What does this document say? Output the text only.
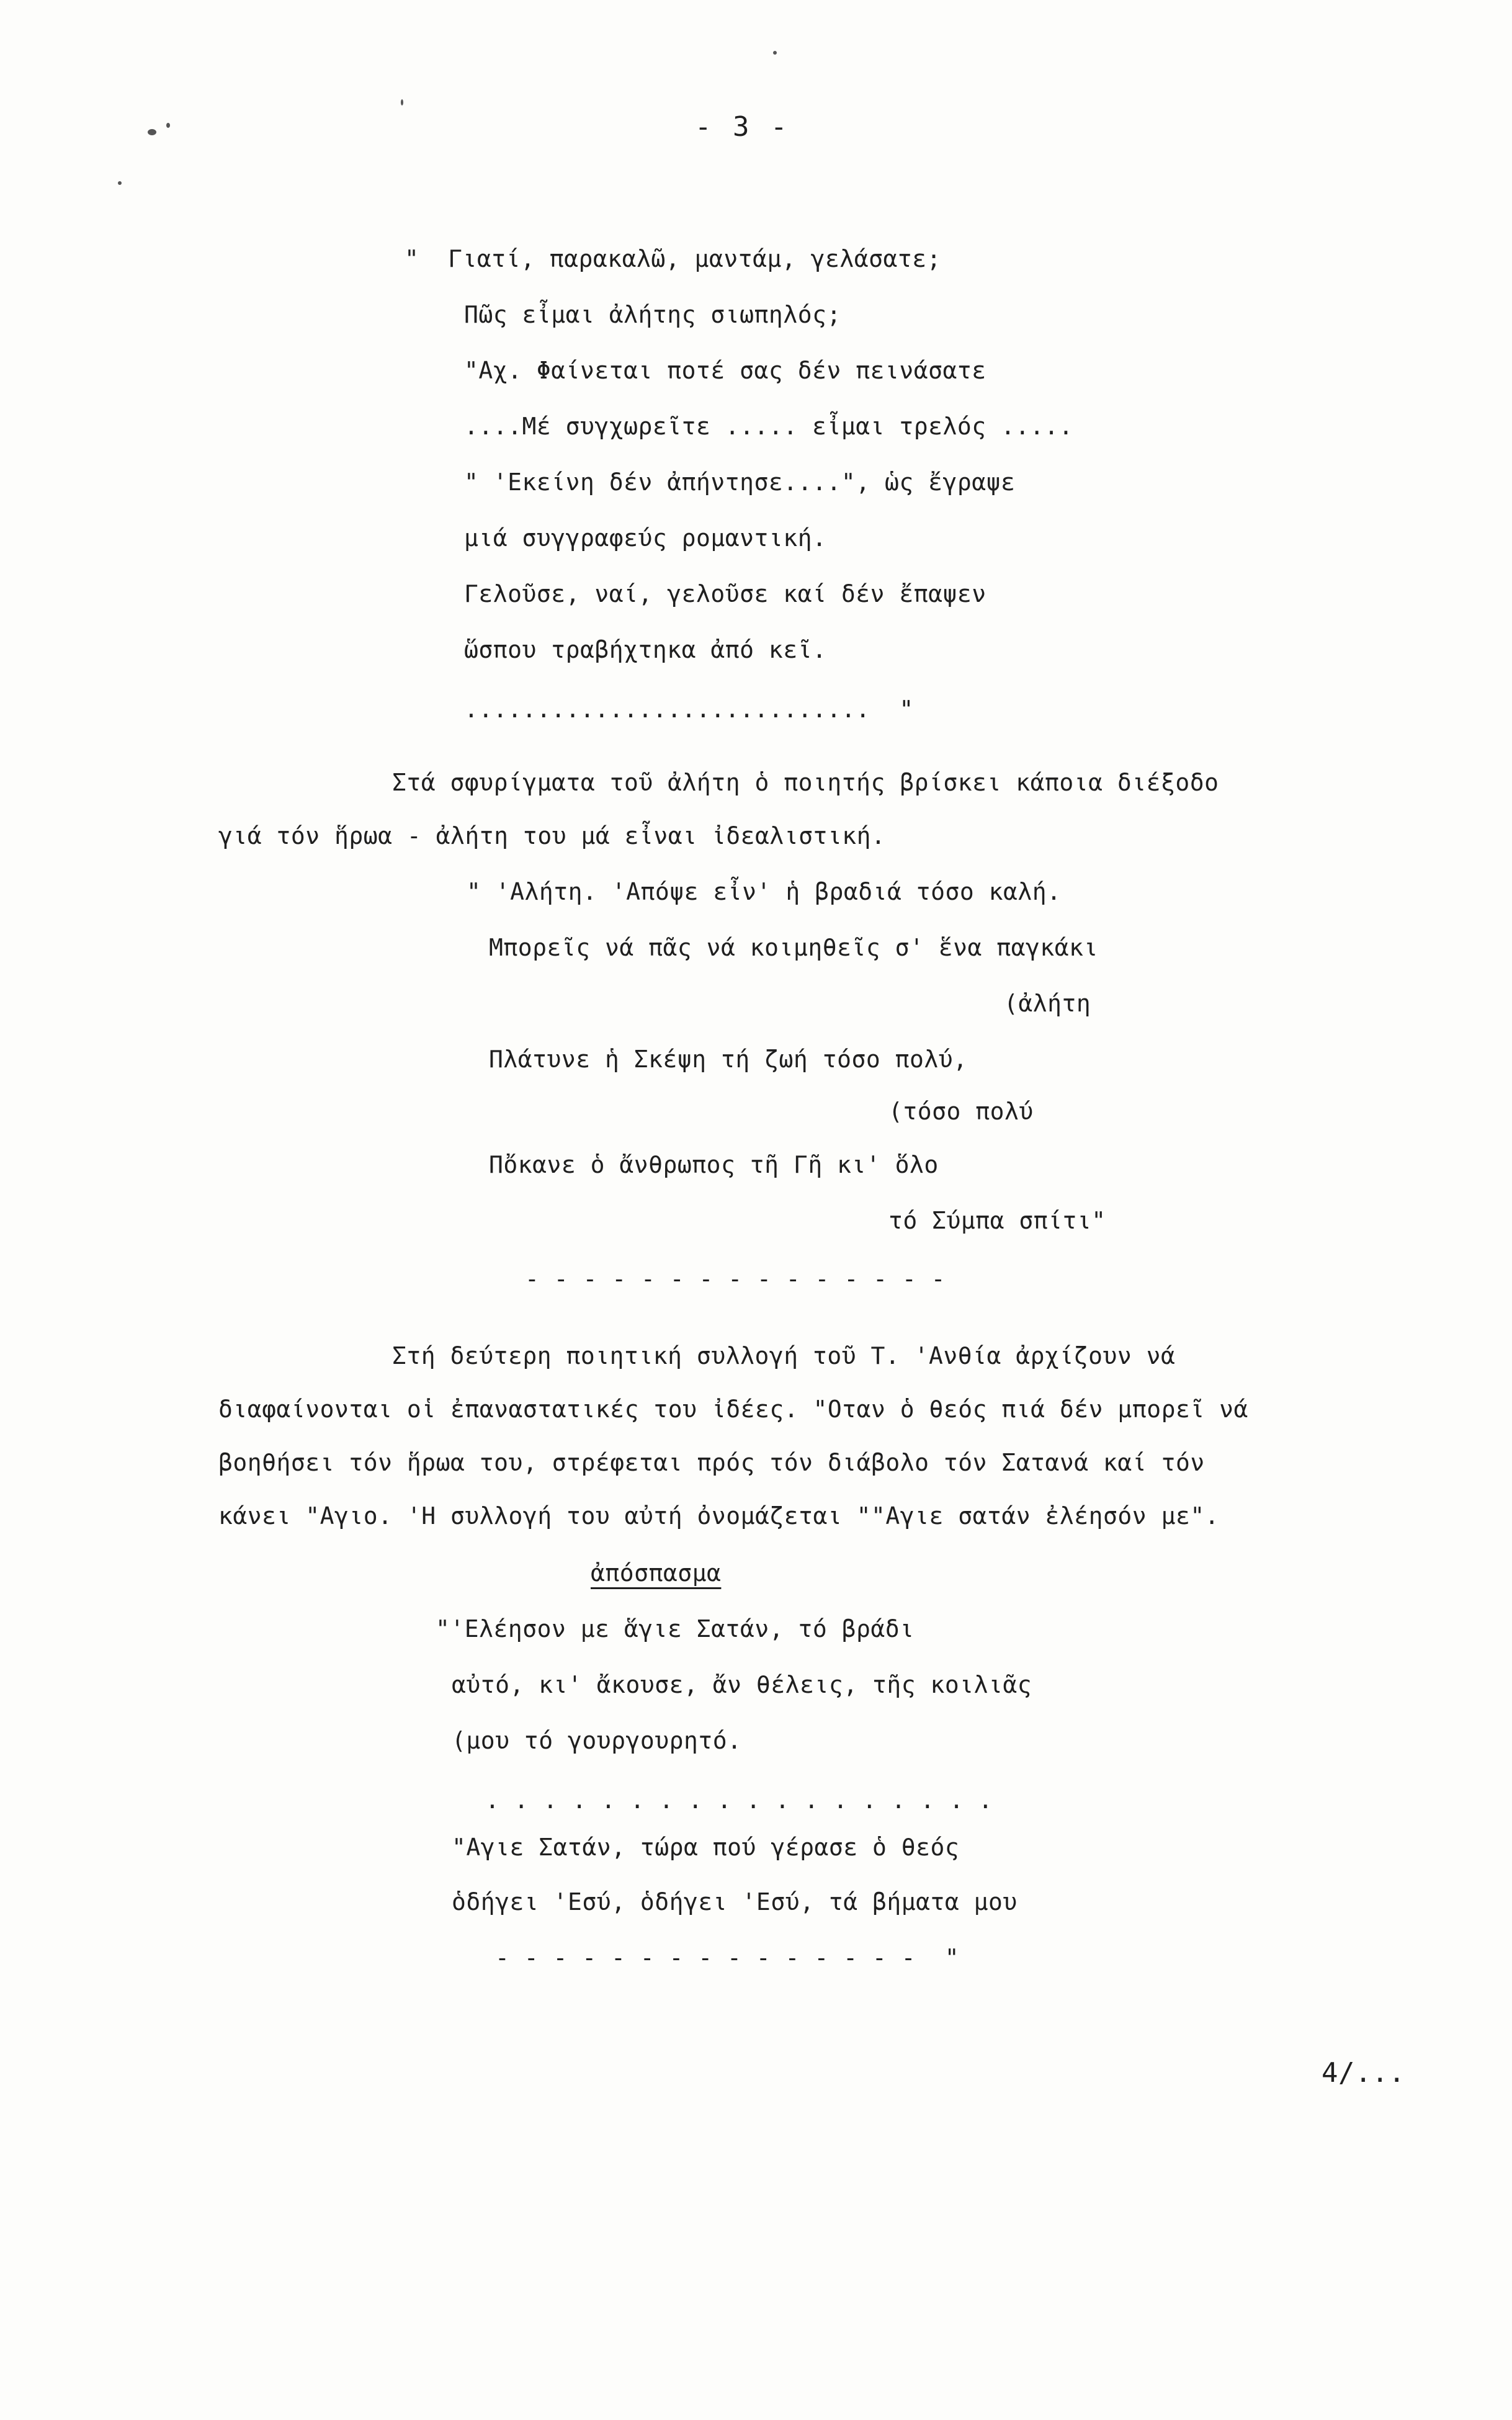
- 3 -
"  Γιατί, παρακαλῶ, μαντάμ, γελάσατε;
Πῶς εἶμαι ἀλήτης σιωπηλός;
"Αχ. Φαίνεται ποτέ σας δέν πεινάσατε
....Μέ συγχωρεῖτε ..... εἶμαι τρελός .....
" 'Εκείνη δέν ἀπήντησε....", ὡς ἔγραψε
μιά συγγραφεύς ρομαντική.
Γελοῦσε, ναί, γελοῦσε καί δέν ἔπαψεν
ὥσπου τραβήχτηκα ἀπό κεῖ.
............................  "
Στά σφυρίγματα τοῦ ἀλήτη ὁ ποιητής βρίσκει κάποια διέξοδο
γιά τόν ἥρωα - ἀλήτη του μά εἶναι ἰδεαλιστική.
" 'Αλήτη. 'Απόψε εἶν' ἡ βραδιά τόσο καλή.
Μπορεῖς νά πᾶς νά κοιμηθεῖς σ' ἕνα παγκάκι
(ἀλήτη
Πλάτυνε ἡ Σκέψη τή ζωή τόσο πολύ,
(τόσο πολύ
Πὄκανε ὁ ἄνθρωπος τῆ Γῆ κι' ὅλο
τό Σύμπα σπίτι"
- - - - - - - - - - - - - - -
Στή δεύτερη ποιητική συλλογή τοῦ Τ. 'Ανθία ἀρχίζουν νά
διαφαίνονται οἱ ἐπαναστατικές του ἰδέες. "Οταν ὁ θεός πιά δέν μπορεῖ νά
βοηθήσει τόν ἥρωα του, στρέφεται πρός τόν διάβολο τόν Σατανά καί τόν
κάνει "Αγιο. 'Η συλλογή του αὐτή ὀνομάζεται ""Αγιε σατάν ἐλέησόν με".
ἀπόσπασμα
"'Ελέησον με ἅγιε Σατάν, τό βράδι
αὐτό, κι' ἄκουσε, ἄν θέλεις, τῆς κοιλιᾶς
(μου τό γουργουρητό.
. . . . . . . . . . . . . . . . . .
"Αγιε Σατάν, τώρα πού γέρασε ὁ θεός
ὁδήγει 'Εσύ, ὁδήγει 'Εσύ, τά βήματα μου
- - - - - - - - - - - - - - -  "
4/...
